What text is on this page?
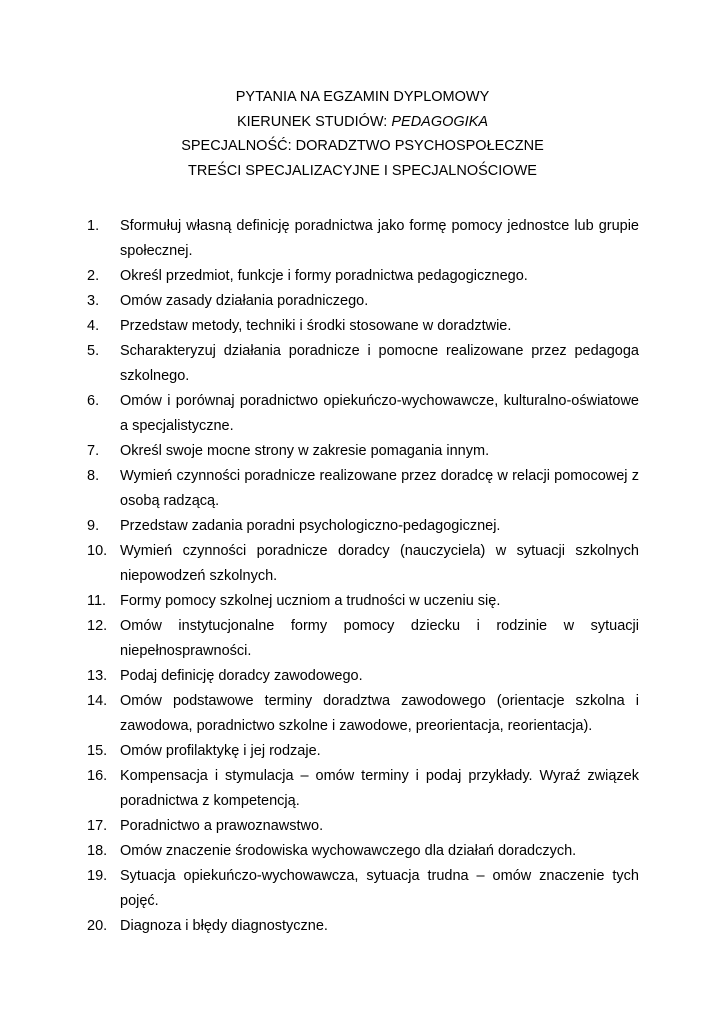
PYTANIA NA EGZAMIN DYPLOMOWY
KIERUNEK STUDIÓW: PEDAGOGIKA
SPECJALNOŚĆ: DORADZTWO PSYCHOSPOŁECZNE
TREŚCI SPECJALIZACYJNE I SPECJALNOŚCIOWE
1. Sformułuj własną definicję poradnictwa jako formę pomocy jednostce lub grupie społecznej.
2. Określ przedmiot, funkcje i formy poradnictwa pedagogicznego.
3. Omów zasady działania poradniczego.
4. Przedstaw metody, techniki i środki stosowane w doradztwie.
5. Scharakteryzuj działania poradnicze i pomocne realizowane przez pedagoga szkolnego.
6. Omów i porównaj poradnictwo opiekuńczo-wychowawcze, kulturalno-oświatowe a specjalistyczne.
7. Określ swoje mocne strony w zakresie pomagania innym.
8. Wymień czynności poradnicze realizowane przez doradcę w relacji pomocowej z osobą radzącą.
9. Przedstaw zadania poradni psychologiczno-pedagogicznej.
10. Wymień czynności poradnicze doradcy (nauczyciela) w sytuacji szkolnych niepowodzeń szkolnych.
11. Formy pomocy szkolnej uczniom a trudności w uczeniu się.
12. Omów instytucjonalne formy pomocy dziecku i rodzinie w sytuacji niepełnosprawności.
13. Podaj definicję doradcy zawodowego.
14. Omów podstawowe terminy doradztwa zawodowego (orientacje szkolna i zawodowa, poradnictwo szkolne i zawodowe, preorientacja, reorientacja).
15. Omów profilaktykę i jej rodzaje.
16. Kompensacja i stymulacja – omów terminy i podaj przykłady. Wyraź związek poradnictwa z kompetencją.
17. Poradnictwo a prawoznawstwo.
18. Omów znaczenie środowiska wychowawczego dla działań doradczych.
19. Sytuacja opiekuńczo-wychowawcza, sytuacja trudna – omów znaczenie tych pojęć.
20. Diagnoza i błędy diagnostyczne.
